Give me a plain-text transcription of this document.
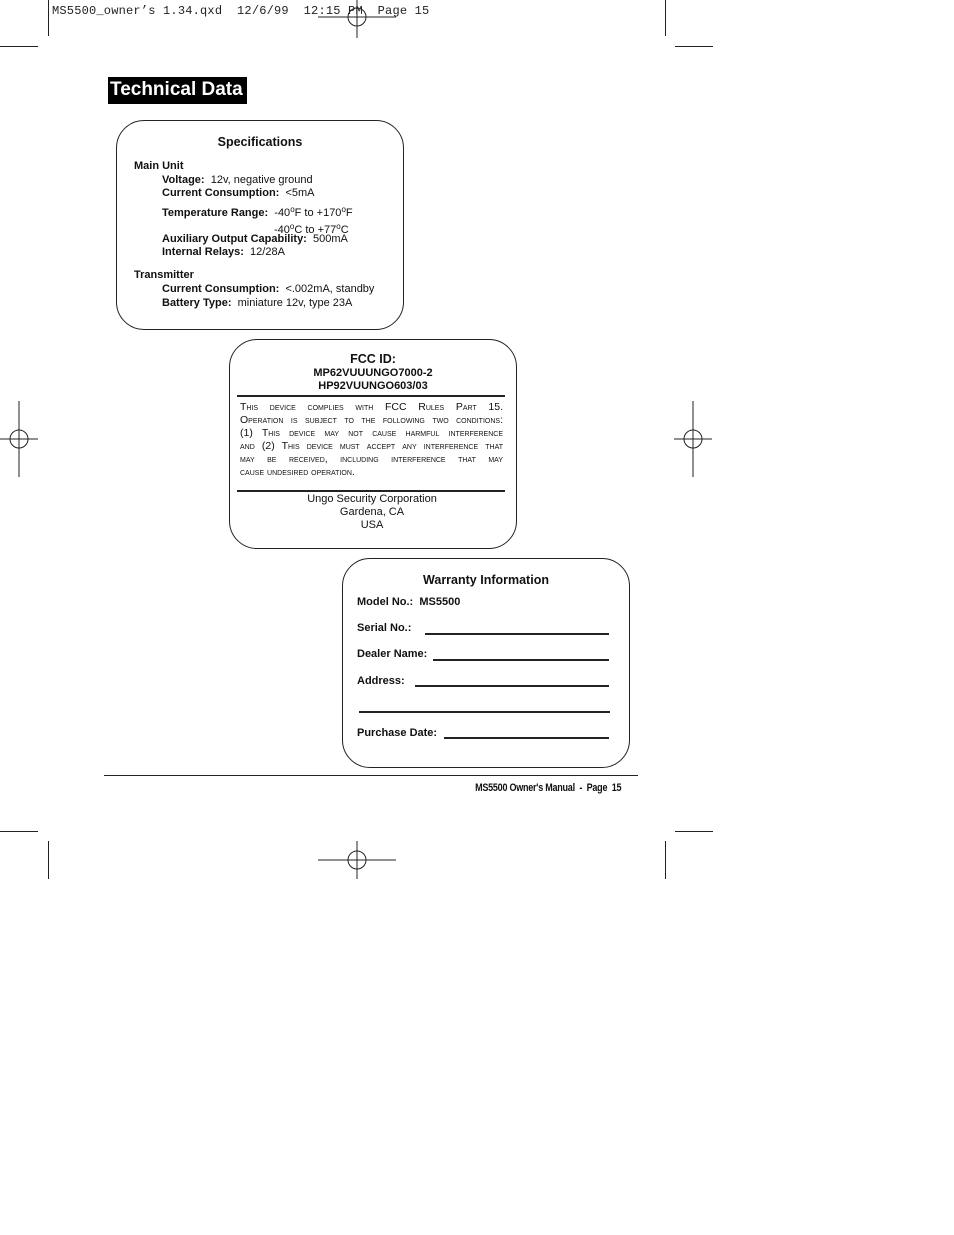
MS5500_owner’s 1.34.qxd  12/6/99  12:15 PM  Page 15
Technical Data
Specifications
Main Unit
Voltage: 12v, negative ground
Current Consumption: <5mA
Temperature Range: -40$^o$F to $+170^oF$
-40$^o$C to $+77^oC$
Auxiliary Output Capability: 500mA
Internal Relays: 12/28A
Transmitter
Current Consumption: <.002mA, standby
Battery Type: miniature 12v, type 23A
FCC ID:
MP62VUUUNGO7000-2
HP92VUUNGO603/03
This device complies with FCC Rules Part 15.
Operation is subject to the following two conditions:
(1) This device may not cause harmful interference
and (2) This device must accept any interference that
may be received, including interference that may
cause undesired operation.
Ungo Security Corporation
Gardena, CA
USA
Warranty Information
Model No.: MS5500
Serial No.:
Dealer Name:
Address:
Purchase Date:
MS5500 Owner's Manual  -  Page  15
